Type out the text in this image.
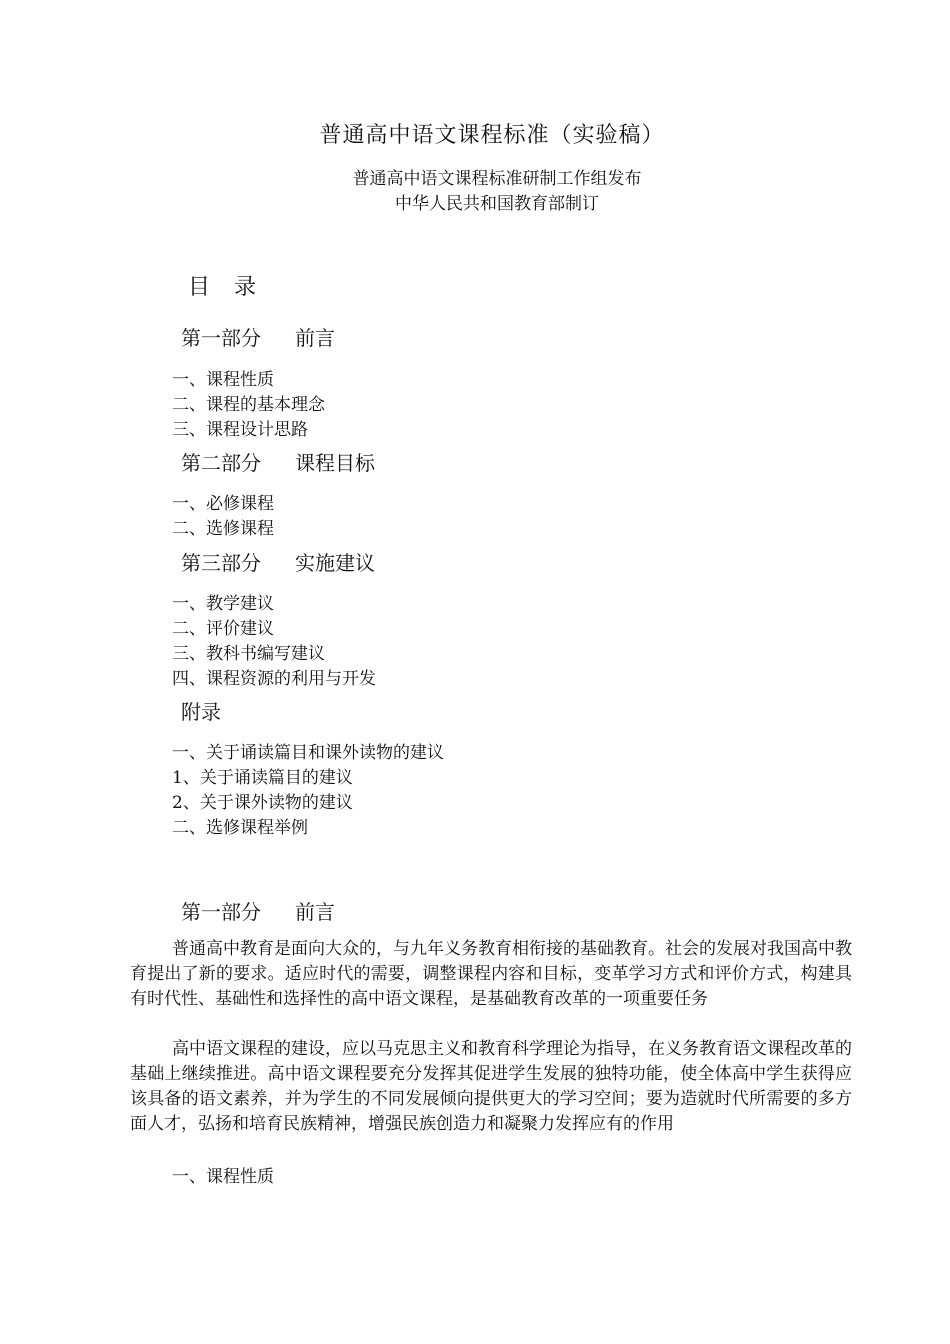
普通高中语文课程标准（实验稿）
普通高中语文课程标准研制工作组发布
中华人民共和国教育部制订
目 录
第一部分 前言
一、课程性质
二、课程的基本理念
三、课程设计思路
第二部分 课程目标
一、必修课程
二、选修课程
第三部分 实施建议
一、教学建议
二、评价建议
三、教科书编写建议
四、课程资源的利用与开发
附录
一、关于诵读篇目和课外读物的建议
1、关于诵读篇目的建议
2、关于课外读物的建议
二、选修课程举例
第一部分 前言
普通高中教育是面向大众的，与九年义务教育相衔接的基础教育。社会的发展对我国高中教育提出了新的要求。适应时代的需要，调整课程内容和目标，变革学习方式和评价方式，构建具有时代性、基础性和选择性的高中语文课程，是基础教育改革的一项重要任务
高中语文课程的建设，应以马克思主义和教育科学理论为指导，在义务教育语文课程改革的基础上继续推进。高中语文课程要充分发挥其促进学生发展的独特功能，使全体高中学生获得应该具备的语文素养，并为学生的不同发展倾向提供更大的学习空间；要为造就时代所需要的多方面人才，弘扬和培育民族精神，增强民族创造力和凝聚力发挥应有的作用
一、课程性质
